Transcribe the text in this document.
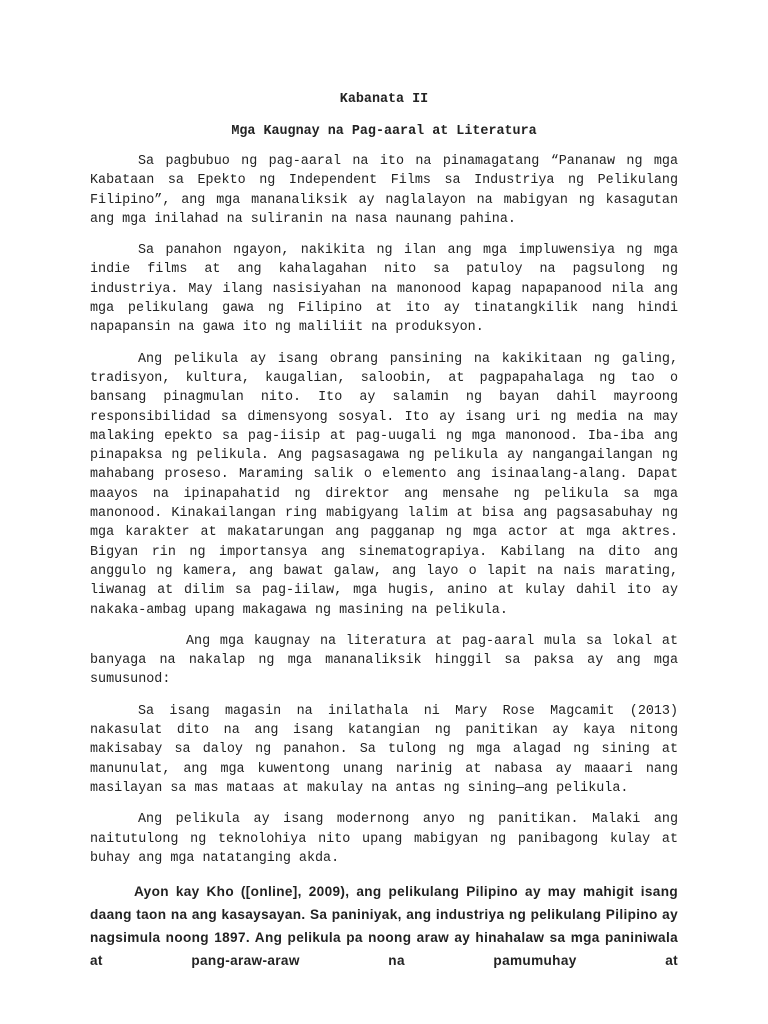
Kabanata II

Mga Kaugnay na Pag-aaral at Literatura

Sa pagbubuo ng pag-aaral na ito na pinamagatang “Pananaw ng mga Kabataan sa Epekto ng Independent Films sa Industriya ng Pelikulang Filipino”, ang mga mananaliksik ay naglalayon na mabigyan ng kasagutan ang mga inilahad na suliranin na nasa naunang pahina.

Sa panahon ngayon, nakikita ng ilan ang mga impluwensiya ng mga indie films at ang kahalagahan nito sa patuloy na pagsulong ng industriya. May ilang nasisiyahan na manonood kapag napapanood nila ang mga pelikulang gawa ng Filipino at ito ay tinatangkilik nang hindi napapansin na gawa ito ng maliliit na produksyon.

Ang pelikula ay isang obrang pansining na kakikitaan ng galing, tradisyon, kultura, kaugalian, saloobin, at pagpapahalaga ng tao o bansang pinagmulan nito. Ito ay salamin ng bayan dahil mayroong responsibilidad sa dimensyong sosyal. Ito ay isang uri ng media na may malaking epekto sa pag-iisip at pag-uugali ng mga manonood. Iba-iba ang pinapaksa ng pelikula. Ang pagsasagawa ng pelikula ay nangangailangan ng mahabang proseso. Maraming salik o elemento ang isinaalang-alang. Dapat maayos na ipinapahatid ng direktor ang mensahe ng pelikula sa mga manonood. Kinakailangan ring mabigyang lalim at bisa ang pagsasabuhay ng mga karakter at makatarungan ang pagganap ng mga actor at mga aktres. Bigyan rin ng importansya ang sinematograpiya. Kabilang na dito ang anggulo ng kamera, ang bawat galaw, ang layo o lapit na nais marating, liwanag at dilim sa pag-iilaw, mga hugis, anino at kulay dahil ito ay nakaka-ambag upang makagawa ng masining na pelikula.

Ang mga kaugnay na literatura at pag-aaral mula sa lokal at banyaga na nakalap ng mga mananaliksik hinggil sa paksa ay ang mga sumusunod:

Sa isang magasin na inilathala ni Mary Rose Magcamit (2013) nakasulat dito na ang isang katangian ng panitikan ay kaya nitong makisabay sa daloy ng panahon. Sa tulong ng mga alagad ng sining at manunulat, ang mga kuwentong unang narinig at nabasa ay maaari nang masilayan sa mas mataas at makulay na antas ng sining—ang pelikula.

Ang pelikula ay isang modernong anyo ng panitikan. Malaki ang naitutulong ng teknolohiya nito upang mabigyan ng panibagong kulay at buhay ang mga natatanging akda.

Ayon kay Kho ([online], 2009), ang pelikulang Pilipino ay may mahigit isang daang taon na ang kasaysayan. Sa paniniyak, ang industriya ng pelikulang Pilipino ay nagsimula noong 1897. Ang pelikula pa noong araw ay hinahalaw sa mga paniniwala at pang-araw-araw na pamumuhay at
